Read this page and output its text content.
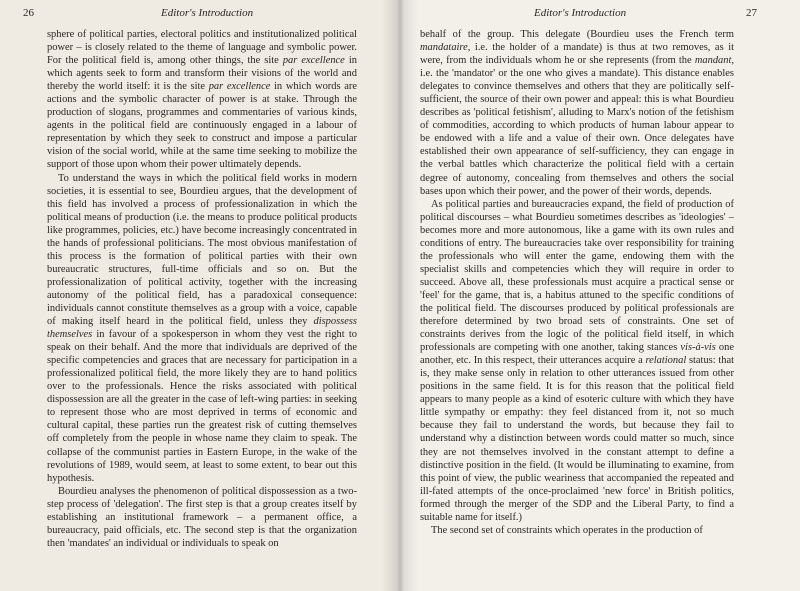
26	Editor's Introduction

sphere of political parties, electoral politics and institutionalized political power – is closely related to the theme of language and symbolic power. For the political field is, among other things, the site par excellence in which agents seek to form and transform their visions of the world and thereby the world itself: it is the site par excellence in which words are actions and the symbolic character of power is at stake. Through the production of slogans, programmes and commentaries of various kinds, agents in the political field are continuously engaged in a labour of representation by which they seek to construct and impose a particular vision of the social world, while at the same time seeking to mobilize the support of those upon whom their power ultimately depends.

To understand the ways in which the political field works in modern societies, it is essential to see, Bourdieu argues, that the development of this field has involved a process of professionalization in which the political means of production (i.e. the means to produce political products like programmes, policies, etc.) have become increasingly concentrated in the hands of professional politicians. The most obvious manifestation of this process is the formation of political parties with their own bureaucratic structures, full-time officials and so on. But the professionalization of political activity, together with the increasing autonomy of the political field, has a paradoxical consequence: individuals cannot constitute themselves as a group with a voice, capable of making itself heard in the political field, unless they dispossess themselves in favour of a spokesperson in whom they vest the right to speak on their behalf. And the more that individuals are deprived of the specific competencies and graces that are necessary for participation in a professionalized political field, the more likely they are to hand politics over to the professionals. Hence the risks associated with political dispossession are all the greater in the case of left-wing parties: in seeking to represent those who are most deprived in terms of economic and cultural capital, these parties run the greatest risk of cutting themselves off completely from the people in whose name they claim to speak. The collapse of the communist parties in Eastern Europe, in the wake of the revolutions of 1989, would seem, at least to some extent, to bear out this hypothesis.

Bourdieu analyses the phenomenon of political dispossession as a two-step process of 'delegation'. The first step is that a group creates itself by establishing an institutional framework – a permanent office, a bureaucracy, paid officials, etc. The second step is that the organization then 'mandates' an individual or individuals to speak on

Editor's Introduction	27

behalf of the group. This delegate (Bourdieu uses the French term mandataire, i.e. the holder of a mandate) is thus at two removes, as it were, from the individuals whom he or she represents (from the mandant, i.e. the 'mandator' or the one who gives a mandate). This distance enables delegates to convince themselves and others that they are politically self-sufficient, the source of their own power and appeal: this is what Bourdieu describes as 'political fetishism', alluding to Marx's notion of the fetishism of commodities, according to which products of human labour appear to be endowed with a life and a value of their own. Once delegates have established their own appearance of self-sufficiency, they can engage in the verbal battles which characterize the political field with a certain degree of autonomy, concealing from themselves and others the social bases upon which their power, and the power of their words, depends.

As political parties and bureaucracies expand, the field of production of political discourses – what Bourdieu sometimes describes as 'ideologies' – becomes more and more autonomous, like a game with its own rules and conditions of entry. The bureaucracies take over responsibility for training the professionals who will enter the game, endowing them with the specialist skills and competencies which they will require in order to succeed. Above all, these professionals must acquire a practical sense or 'feel' for the game, that is, a habitus attuned to the specific conditions of the political field. The discourses produced by political professionals are therefore determined by two broad sets of constraints. One set of constraints derives from the logic of the political field itself, in which professionals are competing with one another, taking stances vis-à-vis one another, etc. In this respect, their utterances acquire a relational status: that is, they make sense only in relation to other utterances issued from other positions in the same field. It is for this reason that the political field appears to many people as a kind of esoteric culture with which they have little sympathy or empathy: they feel distanced from it, not so much because they fail to understand the words, but because they fail to understand why a distinction between words could matter so much, since they are not themselves involved in the constant attempt to define a distinctive position in the field. (It would be illuminating to examine, from this point of view, the public weariness that accompanied the repeated and ill-fated attempts of the once-proclaimed 'new force' in British politics, formed through the merger of the SDP and the Liberal Party, to find a suitable name for itself.)

The second set of constraints which operates in the production of
